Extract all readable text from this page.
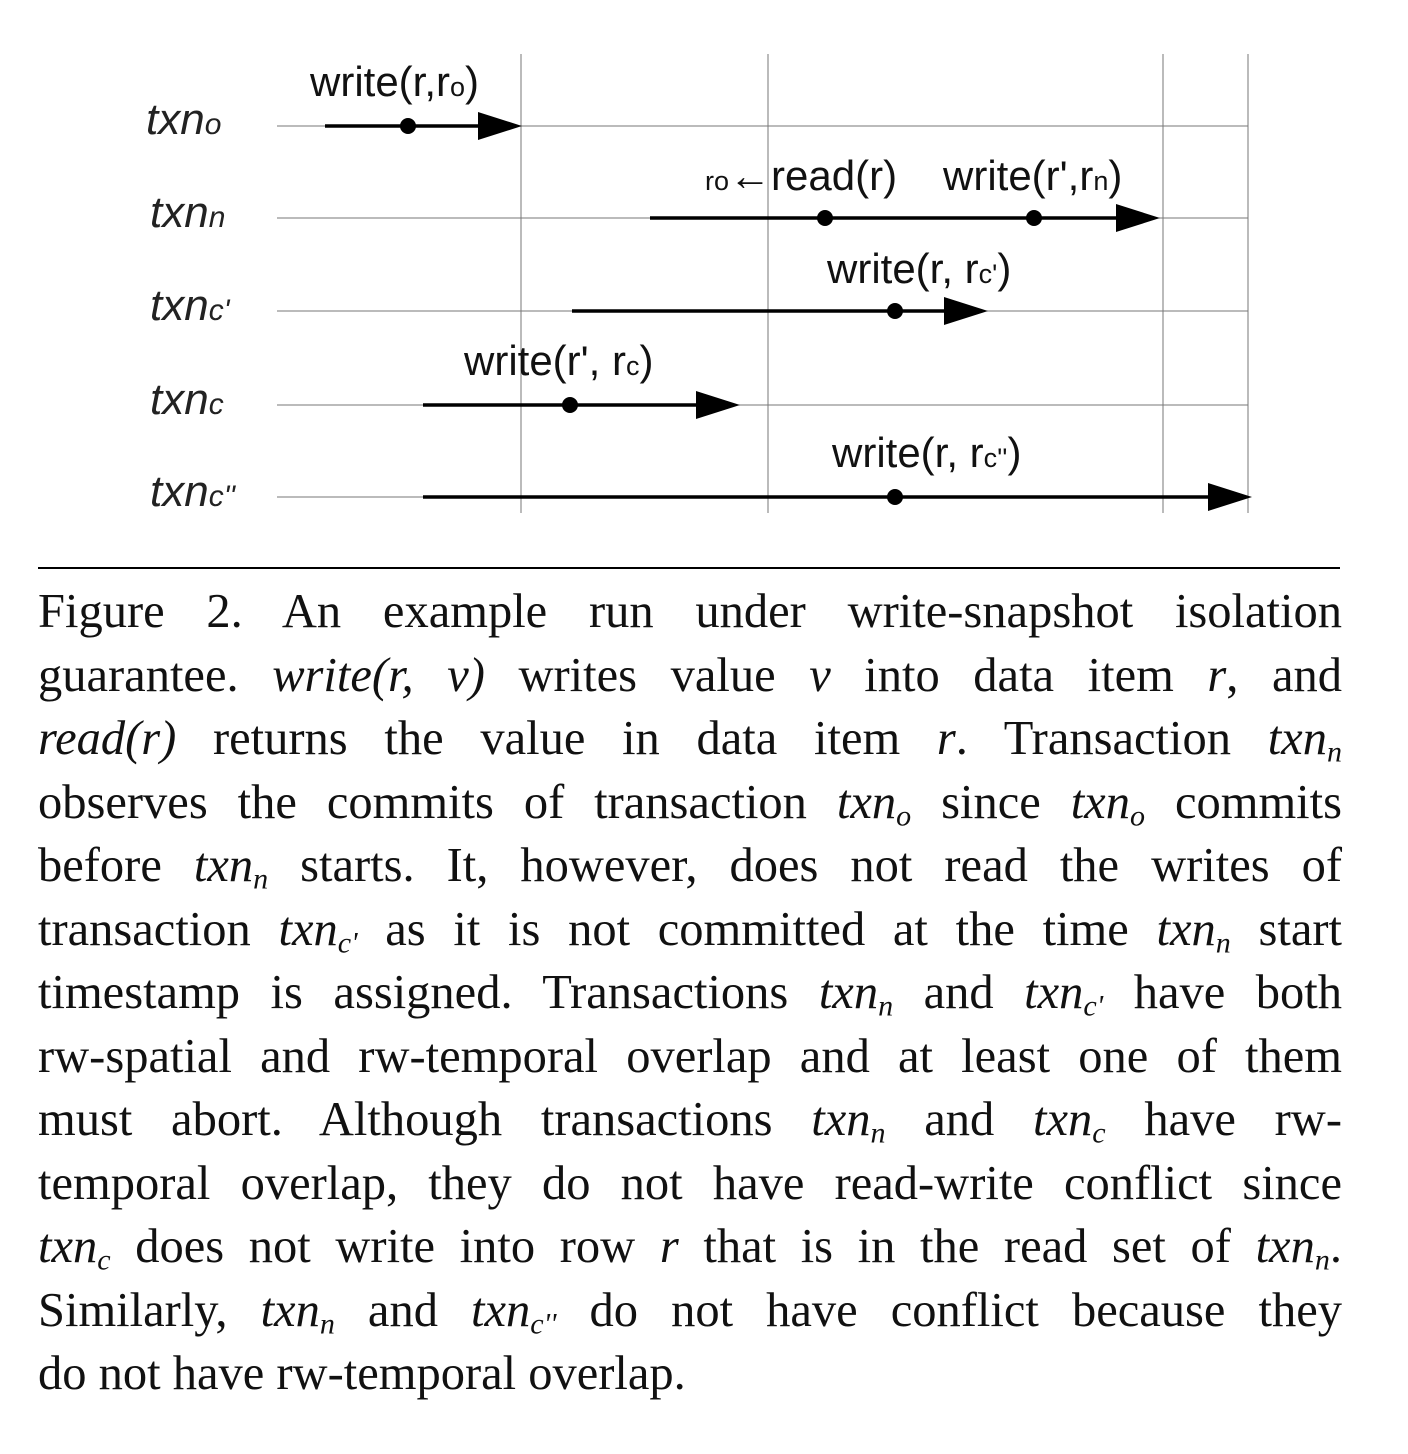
txno
txnn
txnc'
txnc
txnc''
write(r,ro)
ro←read(r) write(r',rn)
write(r, rc')
write(r', rc)
write(r, rc'')
Figure 2. An example run under write-snapshot isolation
guarantee. write(r, v) writes value v into data item r, and
read(r) returns the value in data item r. Transaction txn$_n$
observes the commits of transaction txn$_o$ since txn$_o$ commits
before txn$_n$ starts. It, however, does not read the writes of
transaction txn$_{c'}$ as it is not committed at the time txn$_n$ start
timestamp is assigned. Transactions txn$_n$ and txn$_{c'}$ have both
rw-spatial and rw-temporal overlap and at least one of them
must abort. Although transactions txn$_n$ and txn$_c$ have rw-
temporal overlap, they do not have read-write conflict since
txn$_c$ does not write into row r that is in the read set of txn$_n$.
Similarly, txn$_n$ and txn$_{c''}$ do not have conflict because they
do not have rw-temporal overlap.
